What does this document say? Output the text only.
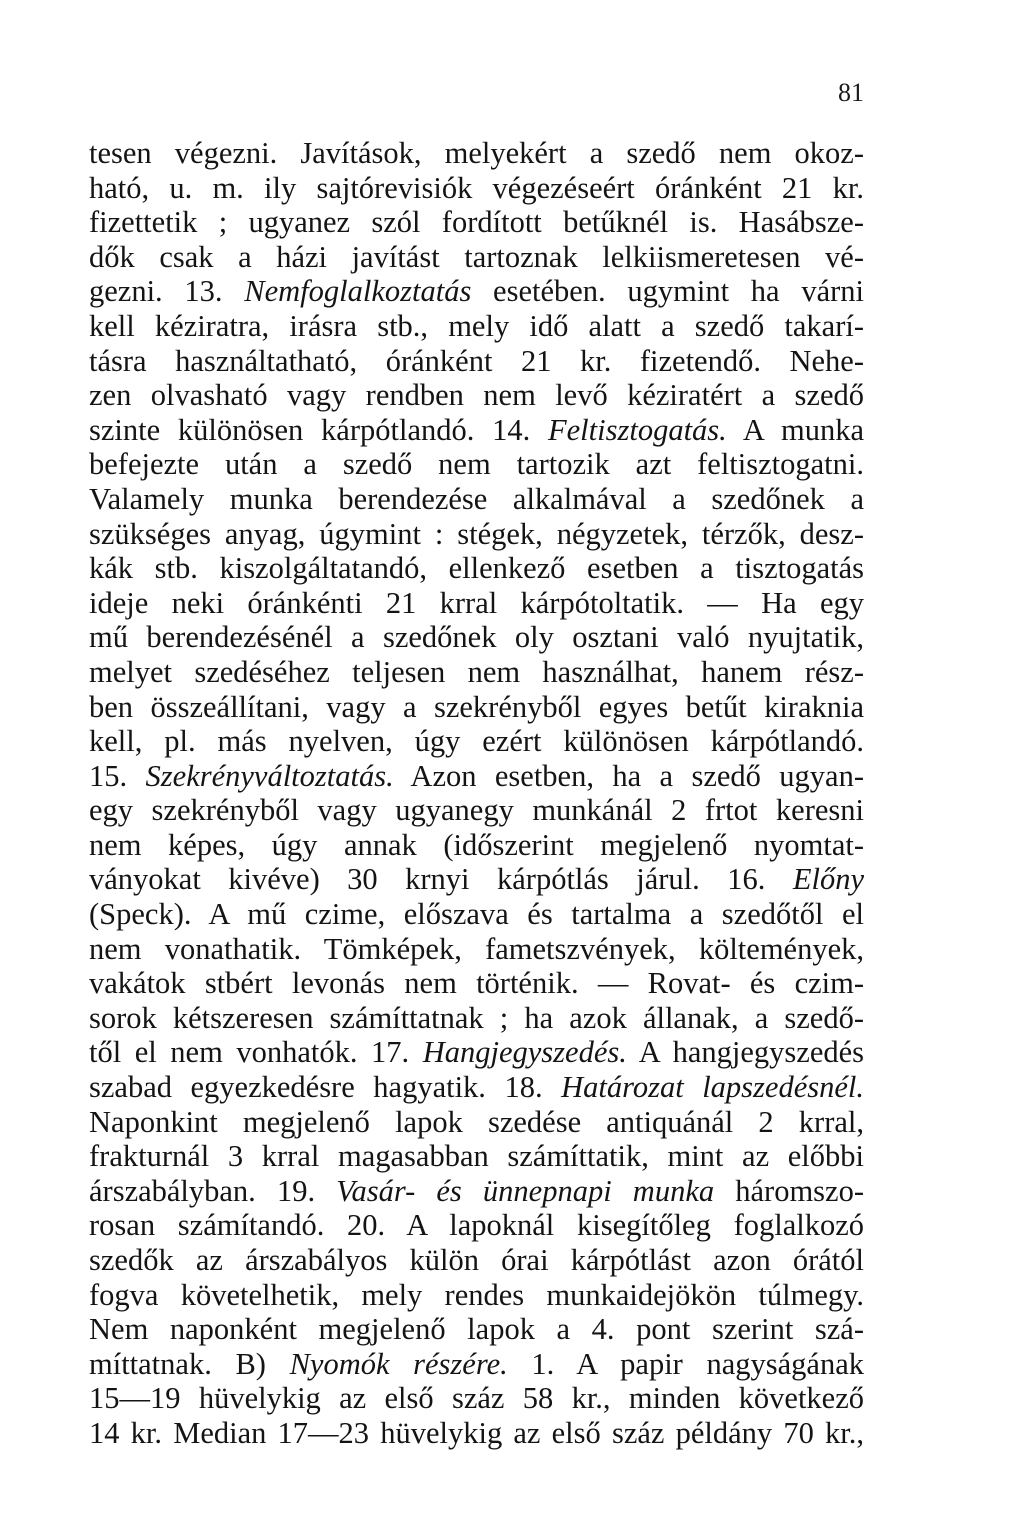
81
tesen végezni. Javítások, melyekért a szedő nem okoz-
ható, u. m. ily sajtórevisiók végezéseért óránként 21 kr.
fizettetik ; ugyanez szól fordított betűknél is. Hasábsze-
dők csak a házi javítást tartoznak lelkiismeretesen vé-
gezni. 13. Nemfoglalkoztatás esetében. ugymint ha várni
kell kéziratra, irásra stb., mely idő alatt a szedő takarí-
tásra használtatható, óránként 21 kr. fizetendő. Nehe-
zen olvasható vagy rendben nem levő kéziratért a szedő
szinte különösen kárpótlandó. 14. Feltisztogatás. A munka
befejezte után a szedő nem tartozik azt feltisztogatni.
Valamely munka berendezése alkalmával a szedőnek a
szükséges anyag, úgymint : stégek, négyzetek, térzők, desz-
kák stb. kiszolgáltatandó, ellenkező esetben a tisztogatás
ideje neki óránkénti 21 krral kárpótoltatik. — Ha egy
mű berendezésénél a szedőnek oly osztani való nyujtatik,
melyet szedéséhez teljesen nem használhat, hanem rész-
ben összeállítani, vagy a szekrényből egyes betűt kiraknia
kell, pl. más nyelven, úgy ezért különösen kárpótlandó.
15. Szekrényváltoztatás. Azon esetben, ha a szedő ugyan-
egy szekrényből vagy ugyanegy munkánál 2 frtot keresni
nem képes, úgy annak (időszerint megjelenő nyomtat-
ványokat kivéve) 30 krnyi kárpótlás járul. 16. Előny
(Speck). A mű czime, előszava és tartalma a szedőtől el
nem vonathatik. Tömképek, fametszvények, költemények,
vakátok stbért levonás nem történik. — Rovat- és czim-
sorok kétszeresen számíttatnak ; ha azok állanak, a szedő-
től el nem vonhatók. 17. Hangjegyszedés. A hangjegyszedés
szabad egyezkedésre hagyatik. 18. Határozat lapszedésnél.
Naponkint megjelenő lapok szedése antiquánál 2 krral,
frakturnál 3 krral magasabban számíttatik, mint az előbbi
árszabályban. 19. Vasár- és ünnepnapi munka háromszo-
rosan számítandó. 20. A lapoknál kisegítőleg foglalkozó
szedők az árszabályos külön órai kárpótlást azon órától
fogva követelhetik, mely rendes munkaidejökön túlmegy.
Nem naponként megjelenő lapok a 4. pont szerint szá-
míttatnak. B) Nyomók részére. 1. A papir nagyságának
15—19 hüvelykig az első száz 58 kr., minden következő
14 kr. Median 17—23 hüvelykig az első száz példány 70 kr.,
